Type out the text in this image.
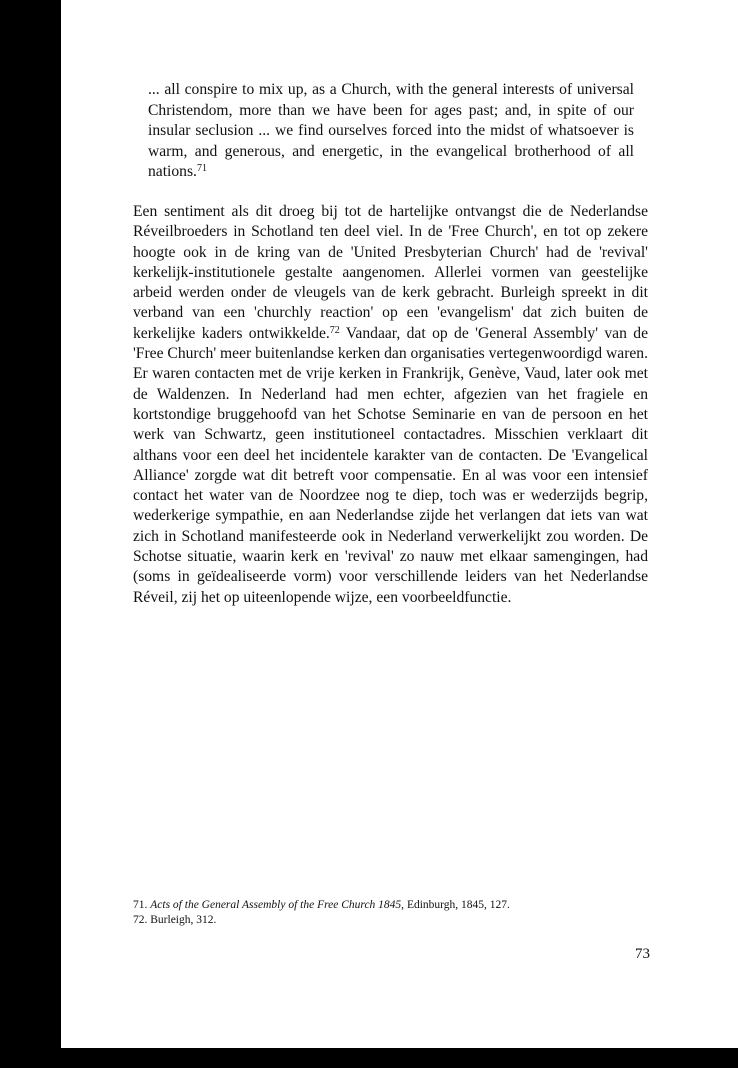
... all conspire to mix up, as a Church, with the general interests of universal Christendom, more than we have been for ages past; and, in spite of our insular seclusion ... we find ourselves forced into the midst of whatsoever is warm, and generous, and energetic, in the evangelical brotherhood of all nations.$^{71}$

Een sentiment als dit droeg bij tot de hartelijke ontvangst die de Nederlandse Réveilbroeders in Schotland ten deel viel. In de 'Free Church', en tot op zekere hoogte ook in de kring van de 'United Presbyterian Church' had de 'revival' kerkelijk-institutionele gestalte aangenomen. Allerlei vormen van geestelijke arbeid werden onder de vleugels van de kerk gebracht. Burleigh spreekt in dit verband van een 'churchly reaction' op een 'evangelism' dat zich buiten de kerkelijke kaders ontwikkelde.$^{72}$ Vandaar, dat op de 'General Assembly' van de 'Free Church' meer buitenlandse kerken dan organisaties vertegenwoordigd waren. Er waren contacten met de vrije kerken in Frankrijk, Genève, Vaud, later ook met de Waldenzen. In Nederland had men echter, afgezien van het fragiele en kortstondige bruggehoofd van het Schotse Seminarie en van de persoon en het werk van Schwartz, geen institutioneel contactadres. Misschien verklaart dit althans voor een deel het incidentele karakter van de contacten. De 'Evangelical Alliance' zorgde wat dit betreft voor compensatie. En al was voor een intensief contact het water van de Noordzee nog te diep, toch was er wederzijds begrip, wederkerige sympathie, en aan Nederlandse zijde het verlangen dat iets van wat zich in Schotland manifesteerde ook in Nederland verwerkelijkt zou worden. De Schotse situatie, waarin kerk en 'revival' zo nauw met elkaar samengingen, had (soms in geïdealiseerde vorm) voor verschillende leiders van het Nederlandse Réveil, zij het op uiteenlopende wijze, een voorbeeldfunctie.

71. Acts of the General Assembly of the Free Church 1845, Edinburgh, 1845, 127.

72. Burleigh, 312.

73
